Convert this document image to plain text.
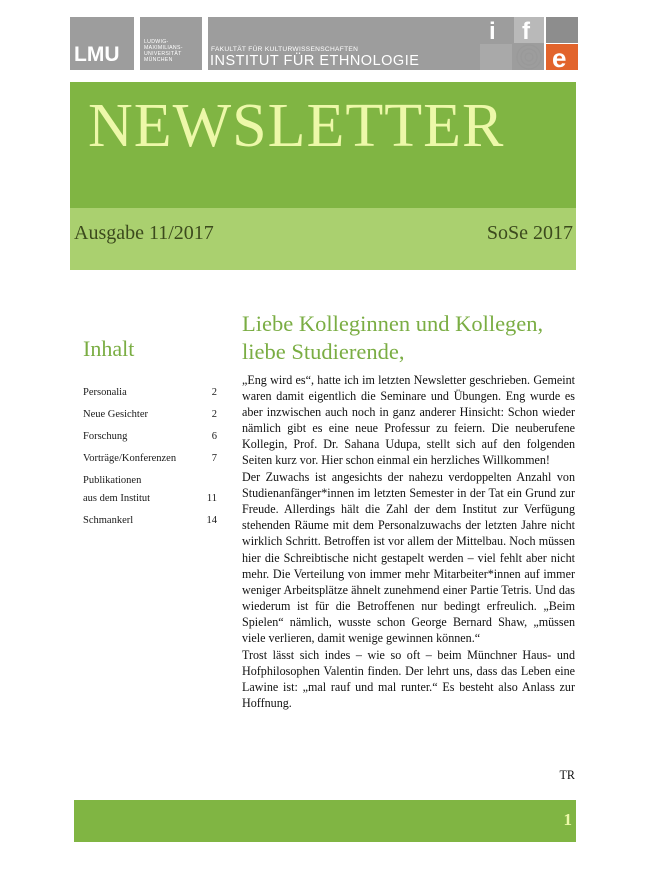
LMU
LUDWIG-MAXIMILIANS-UNIVERSITÄT MÜNCHEN
FAKULTÄT FÜR KULTURWISSENSCHAFTEN
INSTITUT FÜR ETHNOLOGIE
i f
e
NEWSLETTER
Ausgabe 11/2017	SoSe 2017
Inhalt
Personalia	2
Neue Gesichter	2
Forschung	6
Vorträge/Konferenzen	7
Publikationen
aus dem Institut	11
Schmankerl	14
Liebe Kolleginnen und Kollegen,
liebe Studierende,

„Eng wird es“, hatte ich im letzten Newsletter geschrieben. Gemeint waren damit eigentlich die Seminare und Übungen. Eng wurde es aber inzwischen auch noch in ganz anderer Hinsicht: Schon wieder nämlich gibt es eine neue Professur zu feiern. Die neuberufene Kollegin, Prof. Dr. Sahana Udupa, stellt sich auf den folgenden Seiten kurz vor. Hier schon einmal ein herzliches Willkommen!

Der Zuwachs ist angesichts der nahezu verdoppelten Anzahl von Studienanfänger*innen im letzten Semester in der Tat ein Grund zur Freude. Allerdings hält die Zahl der dem Institut zur Verfügung stehenden Räume mit dem Personalzuwachs der letzten Jahre nicht wirklich Schritt. Betroffen ist vor allem der Mittelbau. Noch müssen hier die Schreibtische nicht gestapelt werden – viel fehlt aber nicht mehr. Die Verteilung von immer mehr Mitarbeiter*innen auf immer weniger Arbeitsplätze ähnelt zunehmend einer Partie Tetris. Und das wiederum ist für die Betroffenen nur bedingt erfreulich. „Beim Spielen“ nämlich, wusste schon George Bernard Shaw, „müssen viele verlieren, damit wenige gewinnen können.“

Trost lässt sich indes – wie so oft – beim Münchner Haus- und Hofphilosophen Valentin finden. Der lehrt uns, dass das Leben eine Lawine ist: „mal rauf und mal runter.“ Es besteht also Anlass zur Hoffnung.

TR
1
